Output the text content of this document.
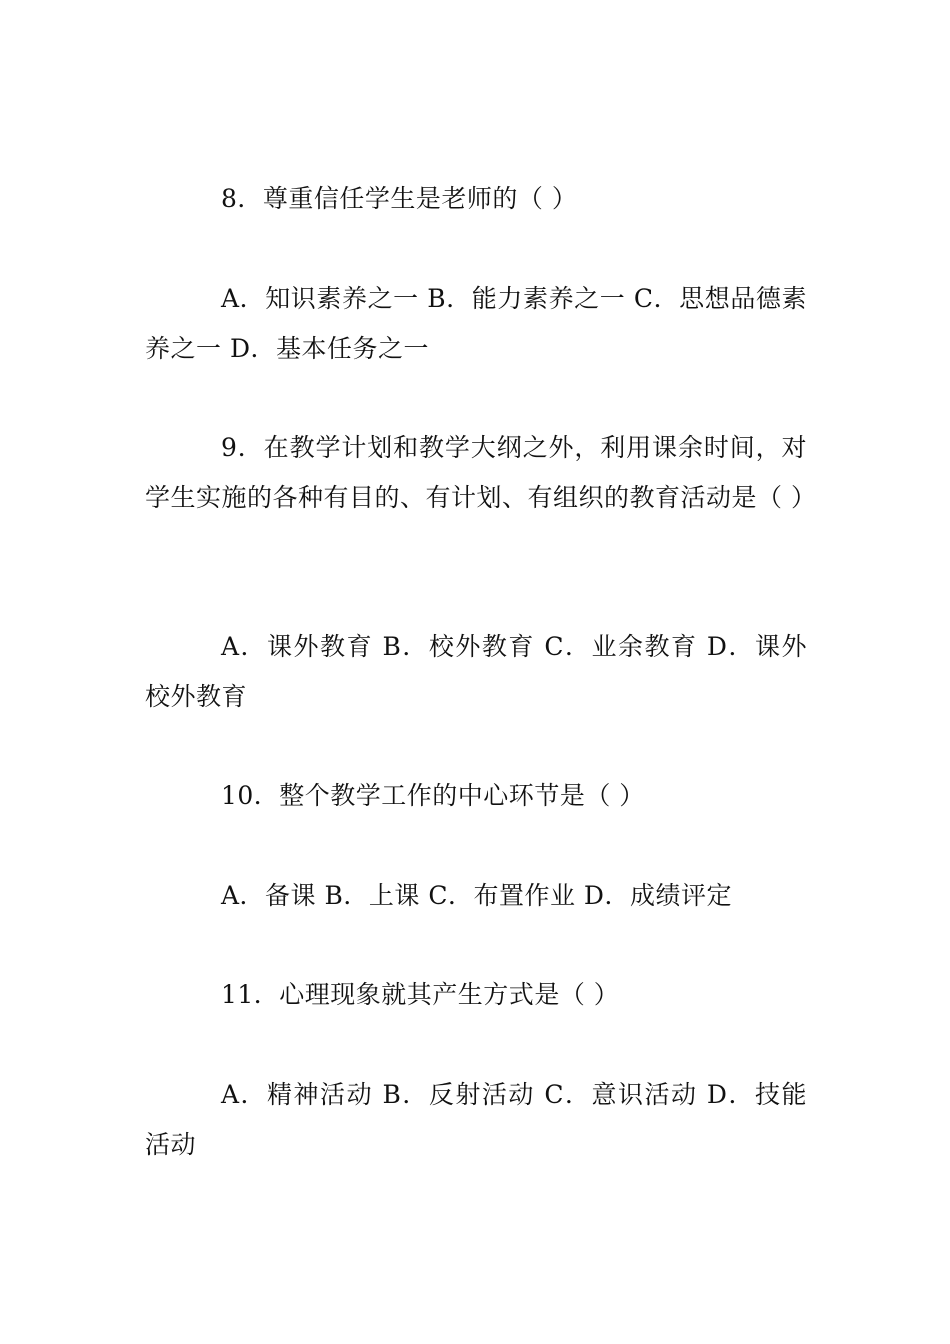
8．尊重信任学生是老师的（ ）

A．知识素养之一 B．能力素养之一 C．思想品德素养之一 D．基本任务之一

9．在教学计划和教学大纲之外，利用课余时间，对学生实施的各种有目的、有计划、有组织的教育活动是（ ）

A．课外教育 B．校外教育 C．业余教育 D．课外校外教育

10．整个教学工作的中心环节是（ ）

A．备课 B．上课 C．布置作业 D．成绩评定

11．心理现象就其产生方式是（ ）

A．精神活动 B．反射活动 C．意识活动 D．技能活动
